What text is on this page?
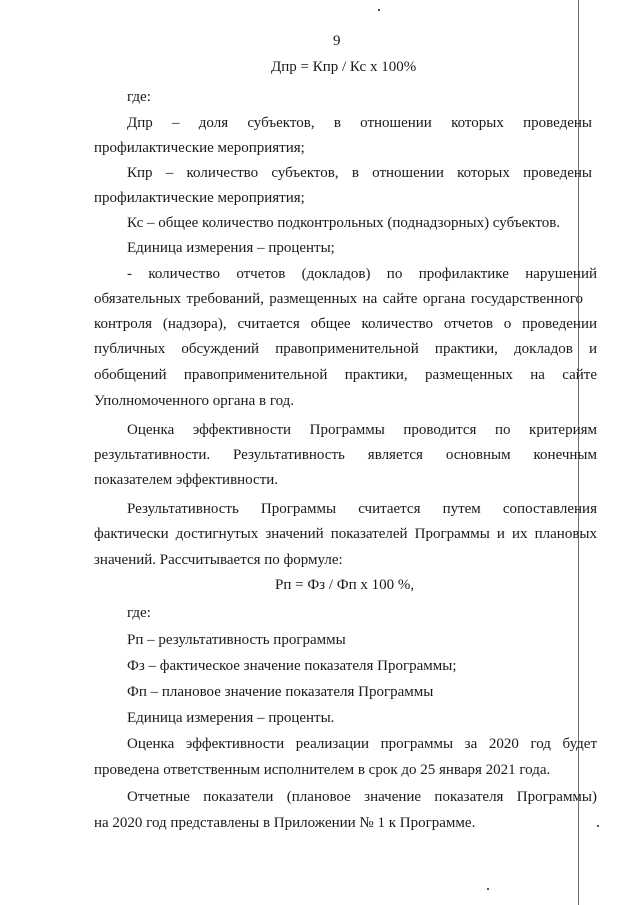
9
Дпр = Кпр / Кс х 100%
где:
Дпр – доля субъектов, в отношении которых проведены
профилактические мероприятия;
Кпр – количество субъектов, в отношении которых проведены
профилактические мероприятия;
Кс – общее количество подконтрольных (поднадзорных) субъектов.
Единица измерения – проценты;
- количество отчетов (докладов) по профилактике нарушений
обязательных требований, размещенных на сайте органа государственного
контроля (надзора), считается общее количество отчетов о проведении
публичных обсуждений правоприменительной практики, докладов и
обобщений правоприменительной практики, размещенных на сайте
Уполномоченного органа в год.
Оценка эффективности Программы проводится по критериям
результативности. Результативность является основным конечным
показателем эффективности.
Результативность Программы считается путем сопоставления
фактически достигнутых значений показателей Программы и их плановых
значений. Рассчитывается по формуле:
Рп = Фз / Фп х 100 %,
где:
Рп – результативность программы
Фз – фактическое значение показателя Программы;
Фп – плановое значение показателя Программы
Единица измерения – проценты.
Оценка эффективности реализации программы за 2020 год будет
проведена ответственным исполнителем в срок до 25 января 2021 года.
Отчетные показатели (плановое значение показателя Программы)
на 2020 год представлены в Приложении № 1 к Программе.
